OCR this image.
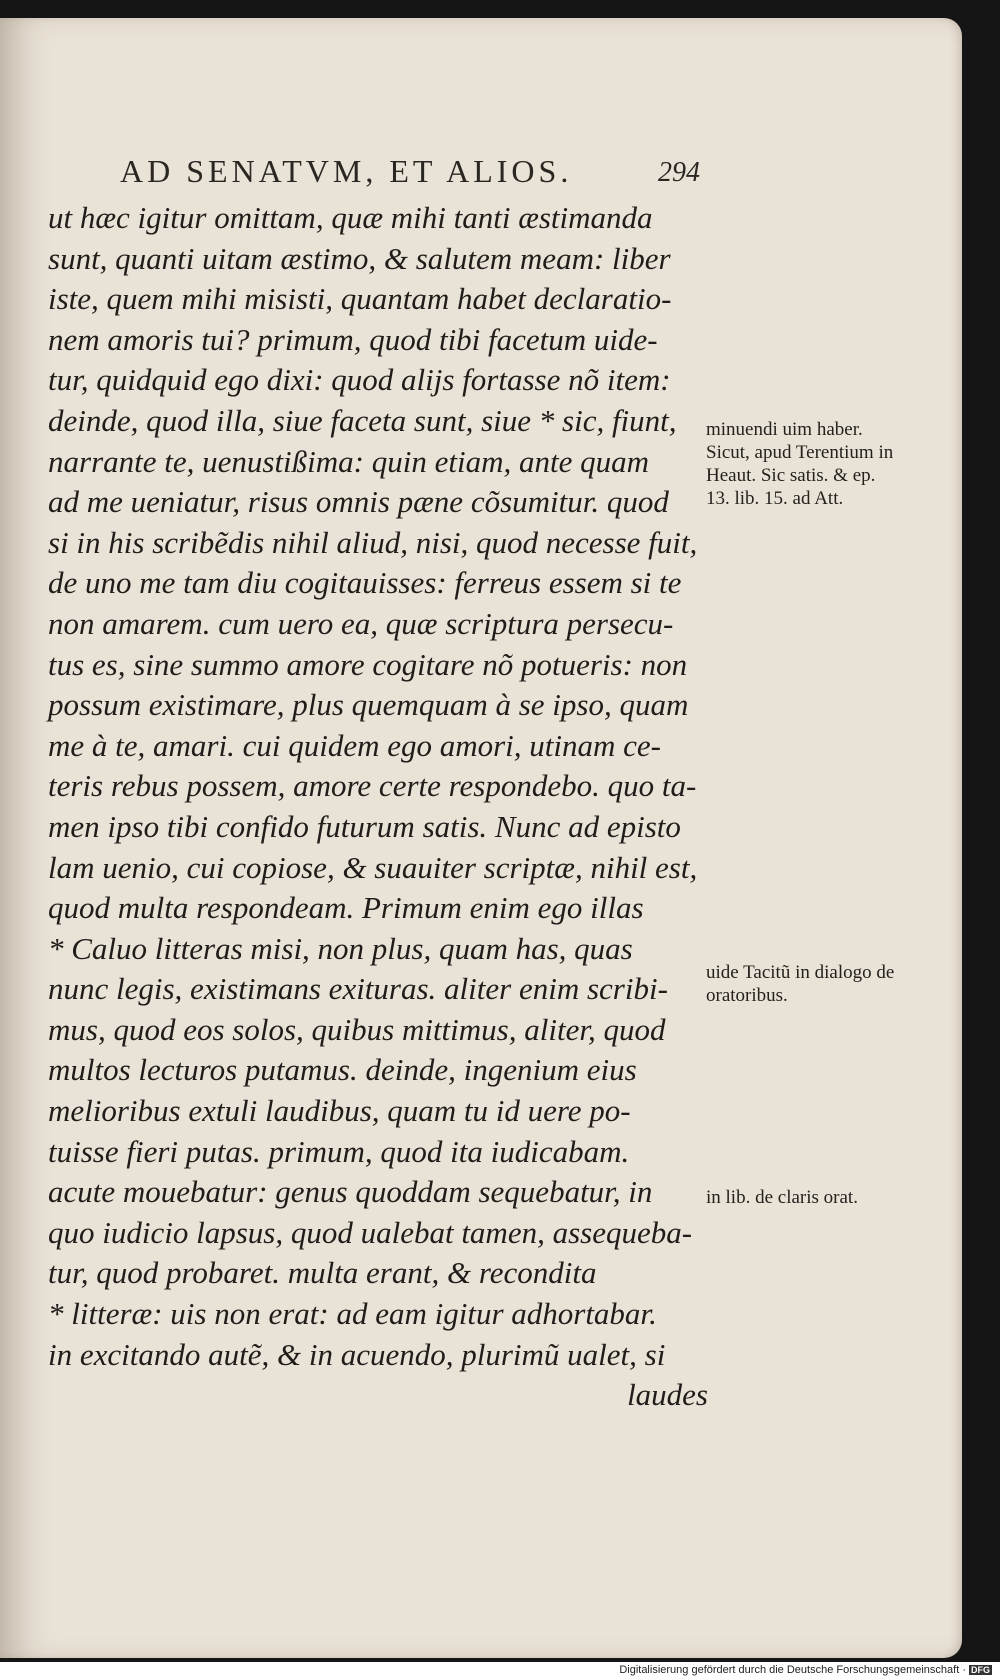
AD SENATVM, ET ALIOS.	294
ut hæc igitur omittam, quæ mihi tanti æstimanda
sunt, quanti uitam æstimo, & salutem meam: liber
iste, quem mihi misisti, quantam habet declaratio-
nem amoris tui? primum, quod tibi facetum uide-
tur, quidquid ego dixi: quod alijs fortasse nõ item:
deinde, quod illa, siue faceta sunt, siue * sic, fiunt,
narrante te, uenustißima: quin etiam, ante quam
ad me ueniatur, risus omnis pæne cõsumitur. quod
si in his scribẽdis nihil aliud, nisi, quod necesse fuit,
de uno me tam diu cogitauisses: ferreus essem si te
non amarem. cum uero ea, quæ scriptura persecu-
tus es, sine summo amore cogitare nõ potueris: non
possum existimare, plus quemquam à se ipso, quam
me à te, amari. cui quidem ego amori, utinam ce-
teris rebus possem, amore certe respondebo. quo ta-
men ipso tibi confido futurum satis. Nunc ad episto
lam uenio, cui copiose, & suauiter scriptæ, nihil est,
quod multa respondeam. Primum enim ego illas
* Caluo litteras misi, non plus, quam has, quas
nunc legis, existimans exituras. aliter enim scribi-
mus, quod eos solos, quibus mittimus, aliter, quod
multos lecturos putamus. deinde, ingenium eius
melioribus extuli laudibus, quam tu id uere po-
tuisse fieri putas. primum, quod ita iudicabam.
acute mouebatur: genus quoddam sequebatur, in
quo iudicio lapsus, quod ualebat tamen, assequeba-
tur, quod probaret. multa erant, & recondita
* litteræ: uis non erat: ad eam igitur adhortabar.
in excitando autẽ, & in acuendo, plurimũ ualet, si
laudes
minuendi uim haber. Sicut, apud Terentium in Heaut. Sic satis. & ep. 13. lib. 15. ad Att.
uide Tacitũ in dialogo de oratoribus.
in lib. de claris orat.
Digitalisierung gefördert durch die Deutsche Forschungsgemeinschaft · DFG
